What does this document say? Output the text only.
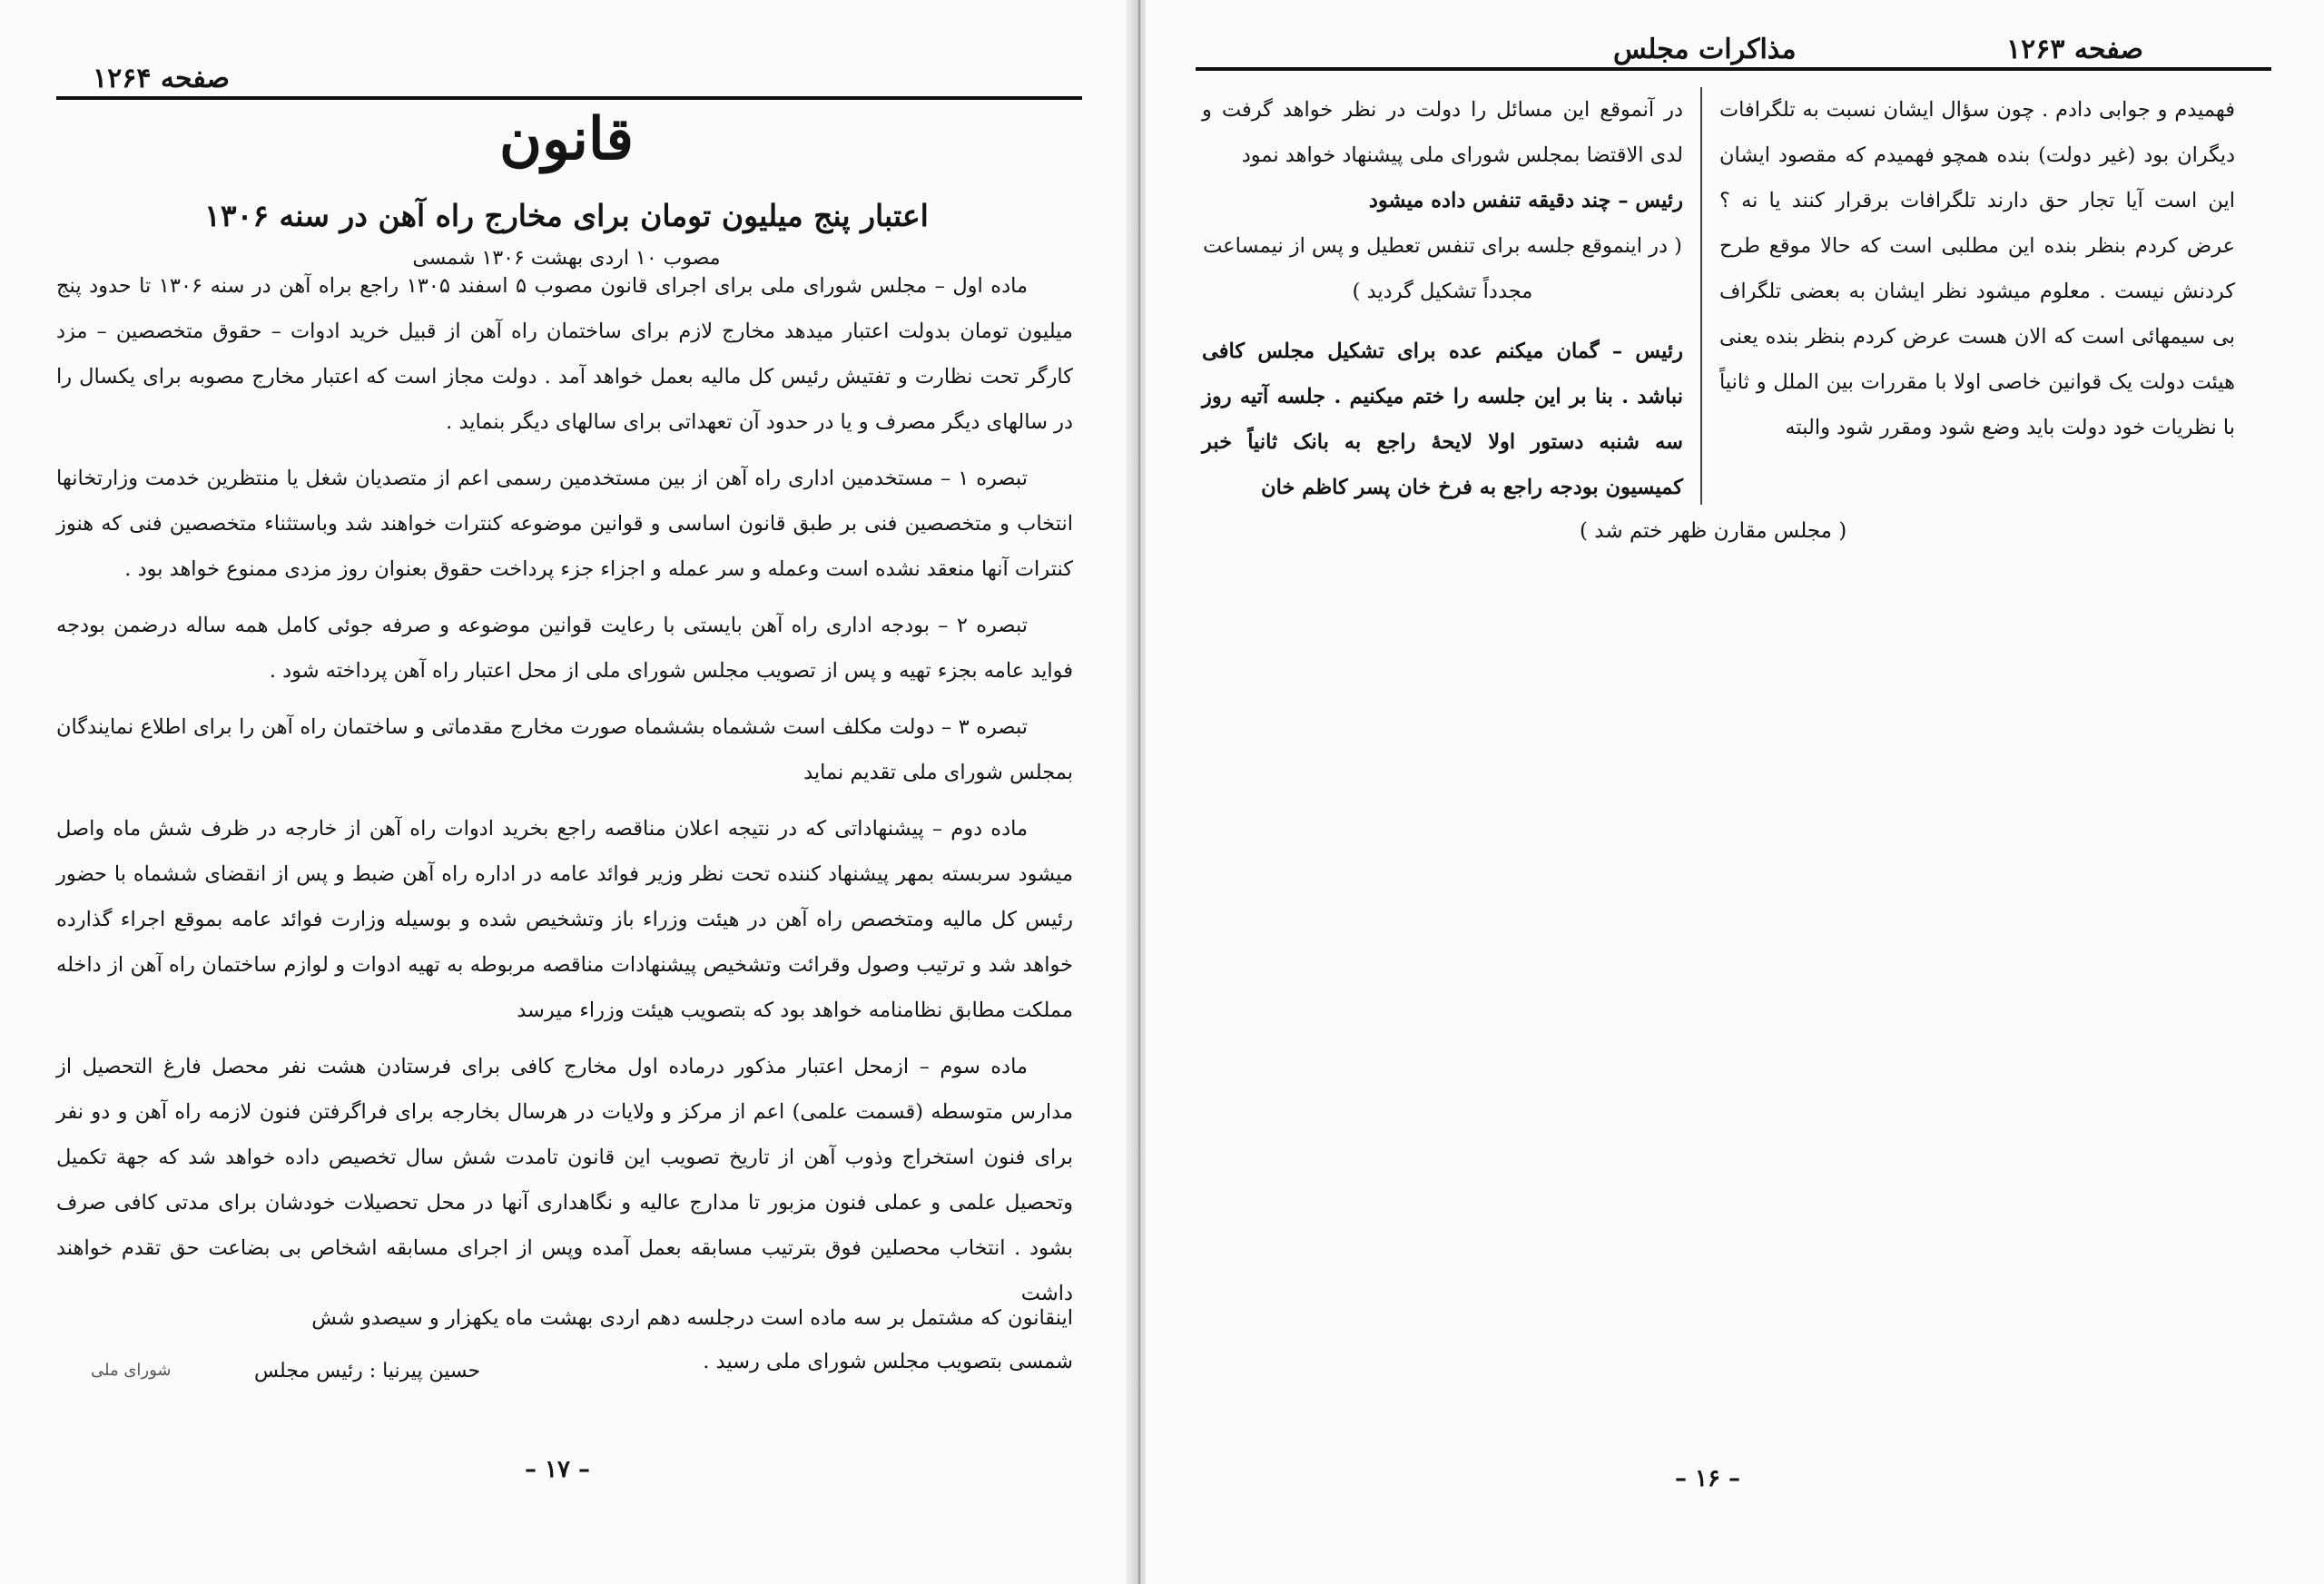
صفحه ۱۲۶۴
قانون
اعتبار پنج میلیون تومان برای مخارج راه آهن در سنه ۱۳۰۶
مصوب ۱۰ اردی بهشت ۱۳۰۶ شمسی

ماده اول – مجلس شورای ملی برای اجرای قانون مصوب ۵ اسفند ۱۳۰۵ راجع براه آهن در سنه ۱۳۰۶ تا حدود پنج میلیون تومان بدولت اعتبار میدهد مخارج لازم برای ساختمان راه آهن از قبیل خرید ادوات – حقوق متخصصین – مزد کارگر تحت نظارت و تفتیش رئیس کل مالیه بعمل خواهد آمد . دولت مجاز است که اعتبار مخارج مصوبه برای یکسال را در سالهای دیگر مصرف و یا در حدود آن تعهداتی برای سالهای دیگر بنماید .

تبصره ۱ – مستخدمین اداری راه آهن از بین مستخدمین رسمی اعم از متصدیان شغل یا منتظرین خدمت وزارتخانها انتخاب و متخصصین فنی بر طبق قانون اساسی و قوانین موضوعه کنترات خواهند شد وباستثناء متخصصین فنی که هنوز کنترات آنها منعقد نشده است وعمله و سر عمله و اجزاء جزء پرداخت حقوق بعنوان روز مزدی ممنوع خواهد بود .

تبصره ۲ – بودجه اداری راه آهن بایستی با رعایت قوانین موضوعه و صرفه جوئی کامل همه ساله درضمن بودجه فواید عامه بجزء تهیه و پس از تصویب مجلس شورای ملی از محل اعتبار راه آهن پرداخته شود .

تبصره ۳ – دولت مکلف است ششماه بششماه صورت مخارج مقدماتی و ساختمان راه آهن را برای اطلاع نمایندگان بمجلس شورای ملی تقدیم نماید

ماده دوم – پیشنهاداتی که در نتیجه اعلان مناقصه راجع بخرید ادوات راه آهن از خارجه در ظرف شش ماه واصل میشود سربسته بمهر پیشنهاد کننده تحت نظر وزیر فوائد عامه در اداره راه آهن ضبط و پس از انقضای ششماه با حضور رئیس کل مالیه ومتخصص راه آهن در هیئت وزراء باز وتشخیص شده و بوسیله وزارت فوائد عامه بموقع اجراء گذارده خواهد شد و ترتیب وصول وقرائت وتشخیص پیشنهادات مناقصه مربوطه به تهیه ادوات و لوازم ساختمان راه آهن از داخله مملکت مطابق نظامنامه خواهد بود که بتصویب هیئت وزراء میرسد

ماده سوم – ازمحل اعتبار مذکور درماده اول مخارج کافی برای فرستادن هشت نفر محصل فارغ التحصیل از مدارس متوسطه (قسمت علمی) اعم از مرکز و ولایات در هرسال بخارجه برای فراگرفتن فنون لازمه راه آهن و دو نفر برای فنون استخراج وذوب آهن از تاریخ تصویب این قانون تامدت شش سال تخصیص داده خواهد شد که جهة تکمیل وتحصیل علمی و عملی فنون مزبور تا مدارج عالیه و نگاهداری آنها در محل تحصیلات خودشان برای مدتی کافی صرف بشود . انتخاب محصلین فوق بترتیب مسابقه بعمل آمده وپس از اجرای مسابقه اشخاص بی بضاعت حق تقدم خواهند داشت

اینقانون که مشتمل بر سه ماده است درجلسه دهم اردی بهشت ماه یکهزار و سیصدو شش شمسی بتصویب مجلس شورای ملی رسید .
حسین پیرنیا : رئیس مجلس
شورای ملی
– ۱۷ –
صفحه ۱۲۶۳
مذاکرات مجلس

فهمیدم و جوابی دادم . چون سؤال ایشان نسبت به تلگرافات دیگران بود (غیر دولت) بنده همچو فهمیدم که مقصود ایشان این است آیا تجار حق دارند تلگرافات برقرار کنند یا نه ؟ عرض کردم بنظر بنده این مطلبی است که حالا موقع طرح کردنش نیست . معلوم میشود نظر ایشان به بعضی تلگراف بی سیمهائی است که الان هست عرض کردم بنظر بنده یعنی هیئت دولت یک قوانین خاصی اولا با مقررات بین الملل و ثانیاً با نظریات خود دولت باید وضع شود ومقرر شود والبته

در آنموقع این مسائل را دولت در نظر خواهد گرفت و لدی الاقتضا بمجلس شورای ملی پیشنهاد خواهد نمود

رئیس – چند دقیقه تنفس داده میشود

( در اینموقع جلسه برای تنفس تعطیل و پس از نیمساعت مجدداً تشکیل گردید )

رئیس – گمان میکنم عده برای تشکیل مجلس کافی نباشد . بنا بر این جلسه را ختم میکنیم . جلسه آتیه روز سه شنبه دستور اولا لایحهٔ راجع به بانک ثانیاً خبر کمیسیون بودجه راجع به فرخ خان پسر کاظم خان

( مجلس مقارن ظهر ختم شد )
– ۱۶ –
